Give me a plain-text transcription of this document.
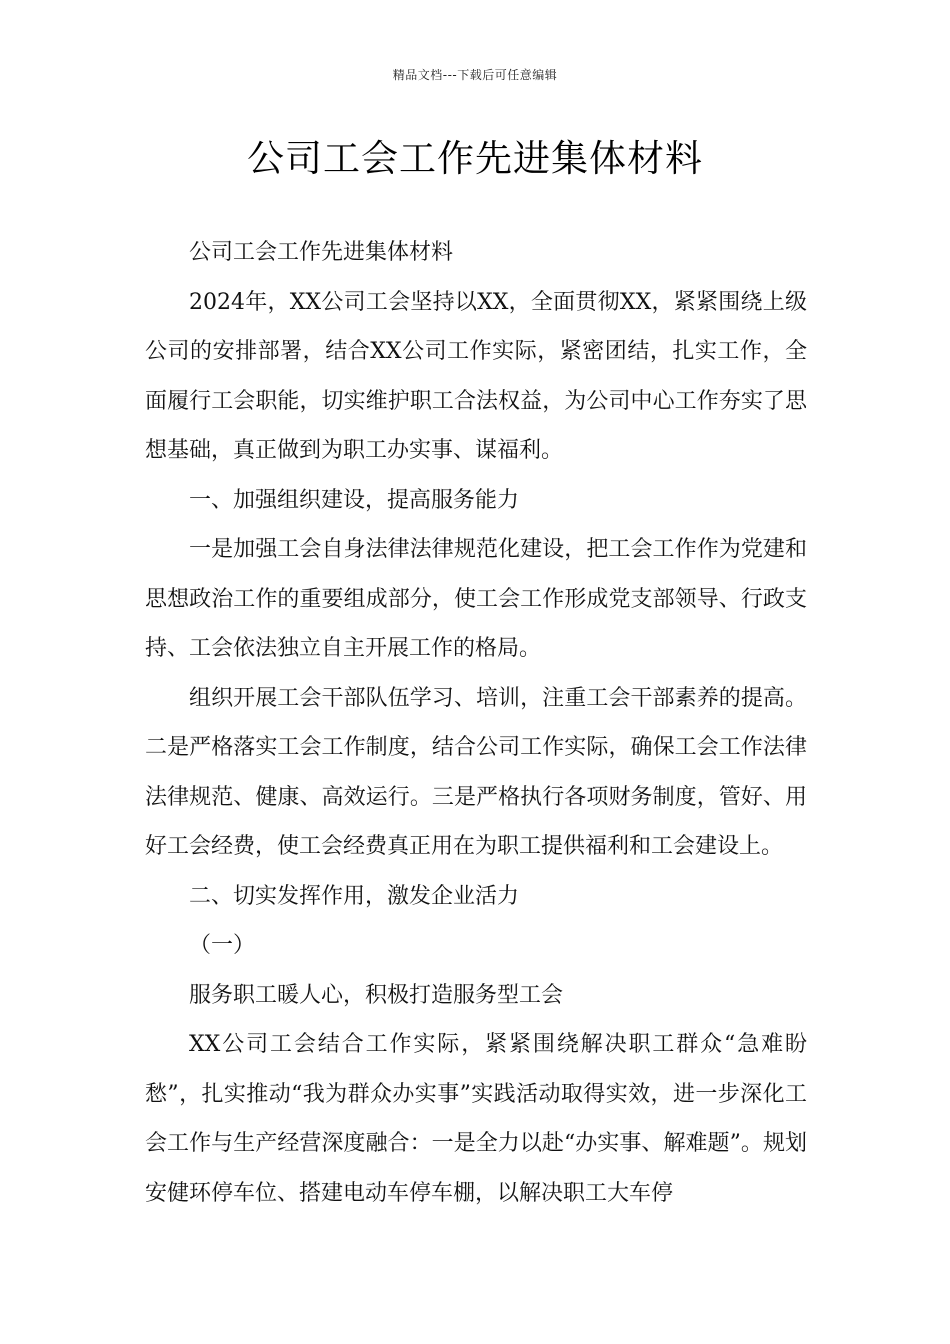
精品文档---下载后可任意编辑
公司工会工作先进集体材料

公司工会工作先进集体材料

2024年，XX公司工会坚持以XX，全面贯彻XX，紧紧围绕上级公司的安排部署，结合XX公司工作实际，紧密团结，扎实工作，全面履行工会职能，切实维护职工合法权益，为公司中心工作夯实了思想基础，真正做到为职工办实事、谋福利。

一、加强组织建设，提高服务能力

一是加强工会自身法律法律规范化建设，把工会工作作为党建和思想政治工作的重要组成部分，使工会工作形成党支部领导、行政支持、工会依法独立自主开展工作的格局。

组织开展工会干部队伍学习、培训，注重工会干部素养的提高。二是严格落实工会工作制度，结合公司工作实际，确保工会工作法律法律规范、健康、高效运行。三是严格执行各项财务制度，管好、用好工会经费，使工会经费真正用在为职工提供福利和工会建设上。

二、切实发挥作用，激发企业活力

（一）

服务职工暖人心，积极打造服务型工会

XX公司工会结合工作实际，紧紧围绕解决职工群众“急难盼愁”，扎实推动“我为群众办实事”实践活动取得实效，进一步深化工会工作与生产经营深度融合：一是全力以赴“办实事、解难题”。规划安健环停车位、搭建电动车停车棚，以解决职工大车停
